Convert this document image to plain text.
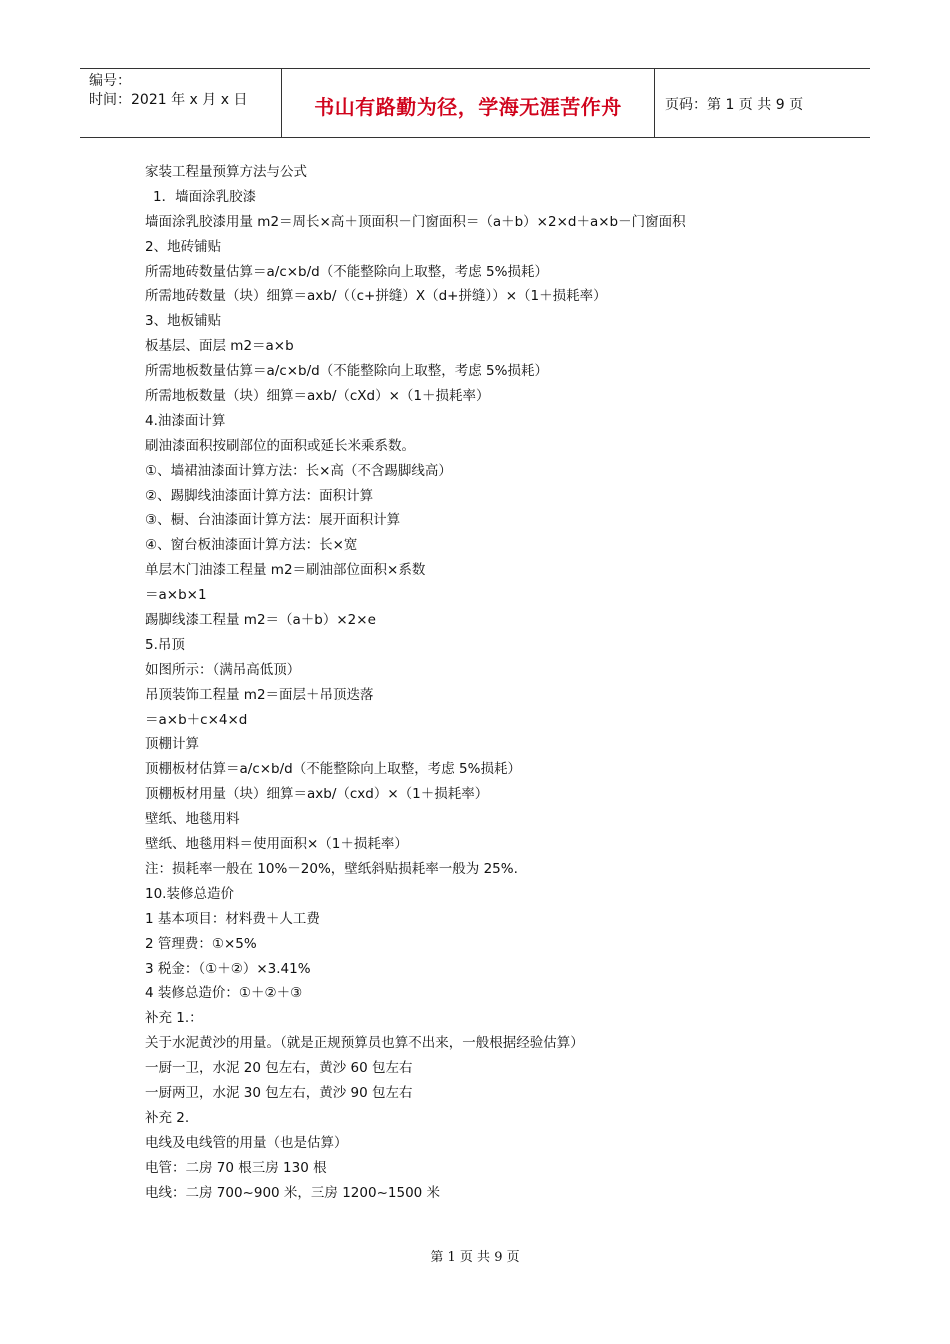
编号：
时间：2021 年 x 月 x 日	书山有路勤为径，学海无涯苦作舟	页码：第 1 页 共 9 页
家装工程量预算方法与公式
1．墙面涂乳胶漆
墙面涂乳胶漆用量 m2＝周长×高＋顶面积－门窗面积＝（a＋b）×2×d＋a×b－门窗面积
2、地砖铺贴
所需地砖数量估算＝a/c×b/d（不能整除向上取整，考虑 5%损耗）
所需地砖数量（块）细算＝axb/（（c+拼缝）X（d+拼缝））×（1＋损耗率）
3、地板铺贴
板基层、面层 m2＝a×b
所需地板数量估算＝a/c×b/d（不能整除向上取整，考虑 5%损耗）
所需地板数量（块）细算＝axb/（cXd）×（1＋损耗率）
4.油漆面计算
刷油漆面积按刷部位的面积或延长米乘系数。
①、墙裙油漆面计算方法：长×高（不含踢脚线高）
②、踢脚线油漆面计算方法：面积计算
③、橱、台油漆面计算方法：展开面积计算
④、窗台板油漆面计算方法：长×宽
单层木门油漆工程量 m2＝刷油部位面积×系数
＝a×b×1
踢脚线漆工程量 m2＝（a＋b）×2×e
5.吊顶
如图所示：（满吊高低顶）
吊顶装饰工程量 m2＝面层＋吊顶迭落
＝a×b＋c×4×d
顶棚计算
顶棚板材估算＝a/c×b/d（不能整除向上取整，考虑 5%损耗）
顶棚板材用量（块）细算＝axb/（cxd）×（1＋损耗率）
壁纸、地毯用料
壁纸、地毯用料＝使用面积×（1＋损耗率）
注：损耗率一般在 10%－20%，壁纸斜贴损耗率一般为 25%.
10.装修总造价
1 基本项目：材料费＋人工费
2 管理费：①×5%
3 税金：（①＋②）×3.41%
4 装修总造价：①＋②＋③
补充 1.：
关于水泥黄沙的用量。（就是正规预算员也算不出来，一般根据经验估算）
一厨一卫，水泥 20 包左右，黄沙 60 包左右
一厨两卫，水泥 30 包左右，黄沙 90 包左右
补充 2.
电线及电线管的用量（也是估算）
电管：二房 70 根三房 130 根
电线：二房 700~900 米，三房 1200~1500 米
第 1 页 共 9 页
